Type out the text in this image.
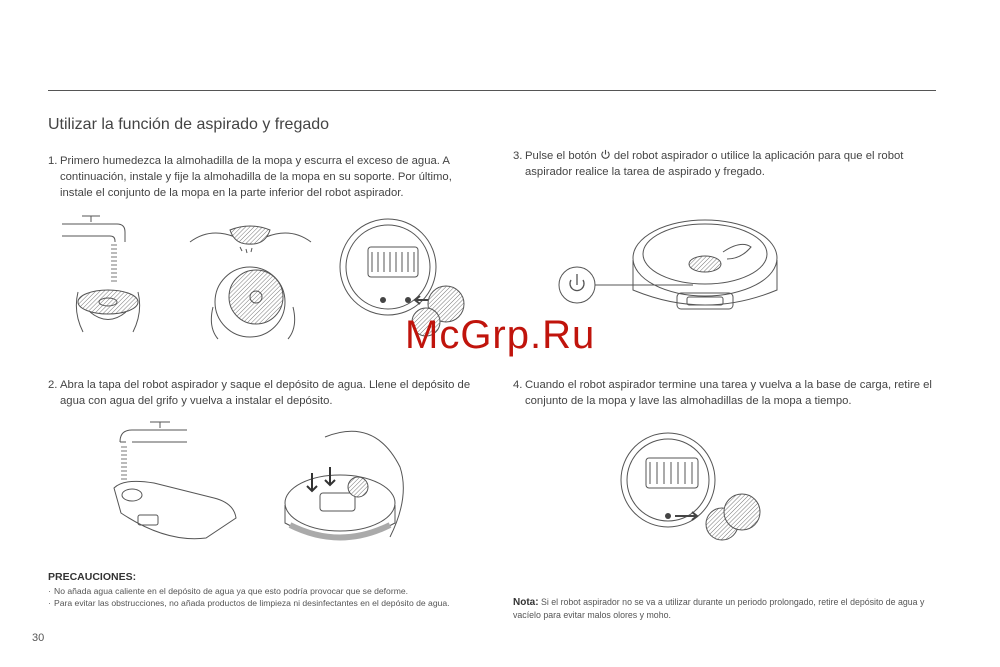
Utilizar la función de aspirado y fregado
1. Primero humedezca la almohadilla de la mopa y escurra el exceso de agua. A continuación, instale y fije la almohadilla de la mopa en su soporte. Por último, instale el conjunto de la mopa en la parte inferior del robot aspirador.
3. Pulse el botón del robot aspirador o utilice la aplicación para que el robot aspirador realice la tarea de aspirado y fregado.
2. Abra la tapa del robot aspirador y saque el depósito de agua. Llene el depósito de agua con agua del grifo y vuelva a instalar el depósito.
4. Cuando el robot aspirador termine una tarea y vuelva a la base de carga, retire el conjunto de la mopa y lave las almohadillas de la mopa a tiempo.
McGrp.Ru
PRECAUCIONES:
· No añada agua caliente en el depósito de agua ya que esto podría provocar que se deforme.
· Para evitar las obstrucciones, no añada productos de limpieza ni desinfectantes en el depósito de agua.	Nota: Si el robot aspirador no se va a utilizar durante un periodo prolongado, retire el depósito de agua y vacíelo para evitar malos olores y moho.
30
